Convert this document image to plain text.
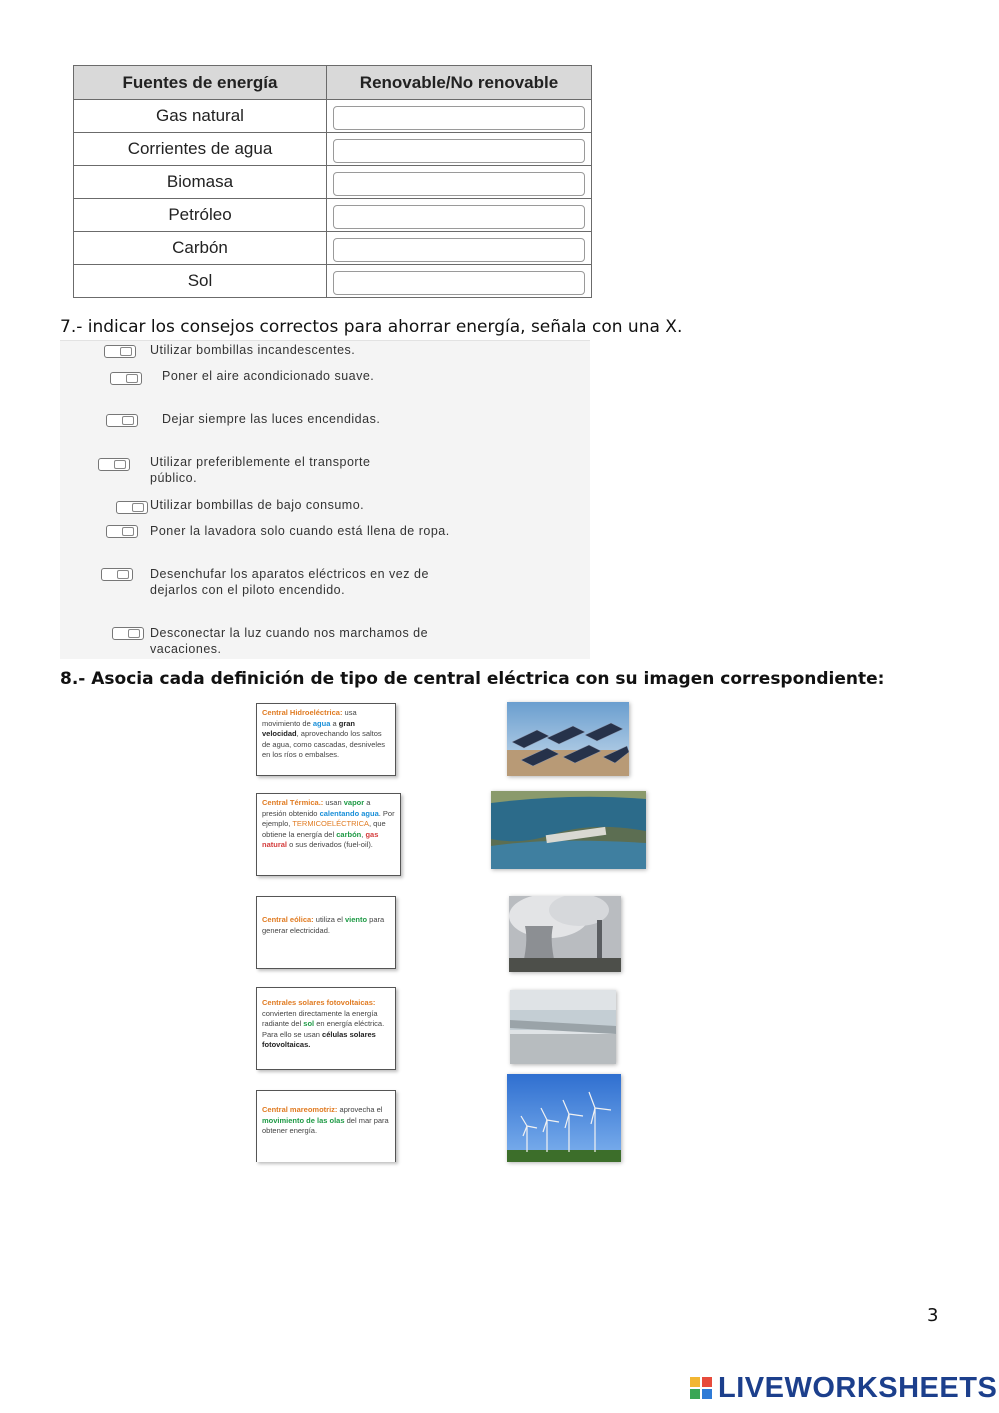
Fuentes de energía	Renovable/No renovable
Gas natural	

Corrientes de agua	

Biomasa	

Petróleo	

Carbón	

Sol	
7.- indicar los consejos correctos para ahorrar energía, señala con una X.
Utilizar bombillas incandescentes.
Poner el aire acondicionado suave.
Dejar siempre las luces encendidas.
Utilizar preferiblemente el transporte público.
Utilizar bombillas de bajo consumo.
Poner la lavadora solo cuando está llena de ropa.
Desenchufar los aparatos eléctricos en vez de dejarlos con el piloto encendido.
Desconectar la luz cuando nos marchamos de vacaciones.
8.- Asocia cada definición de tipo de central eléctrica con su imagen correspondiente:
Central Hidroeléctrica: usa movimiento de agua a gran velocidad, aprovechando los saltos de agua, como cascadas, desniveles en los ríos o embalses.
Central Térmica.: usan vapor a presión obtenido calentando agua. Por ejemplo, TERMICOELÉCTRICA, que obtiene la energía del carbón, gas natural o sus derivados (fuel-oil).
Central eólica: utiliza el viento para generar electricidad.
Centrales solares fotovoltaicas: convierten directamente la energía radiante del sol en energía eléctrica. Para ello se usan células solares fotovoltaicas.
Central mareomotriz: aprovecha el movimiento de las olas del mar para obtener energía.
3
LIVEWORKSHEETS
